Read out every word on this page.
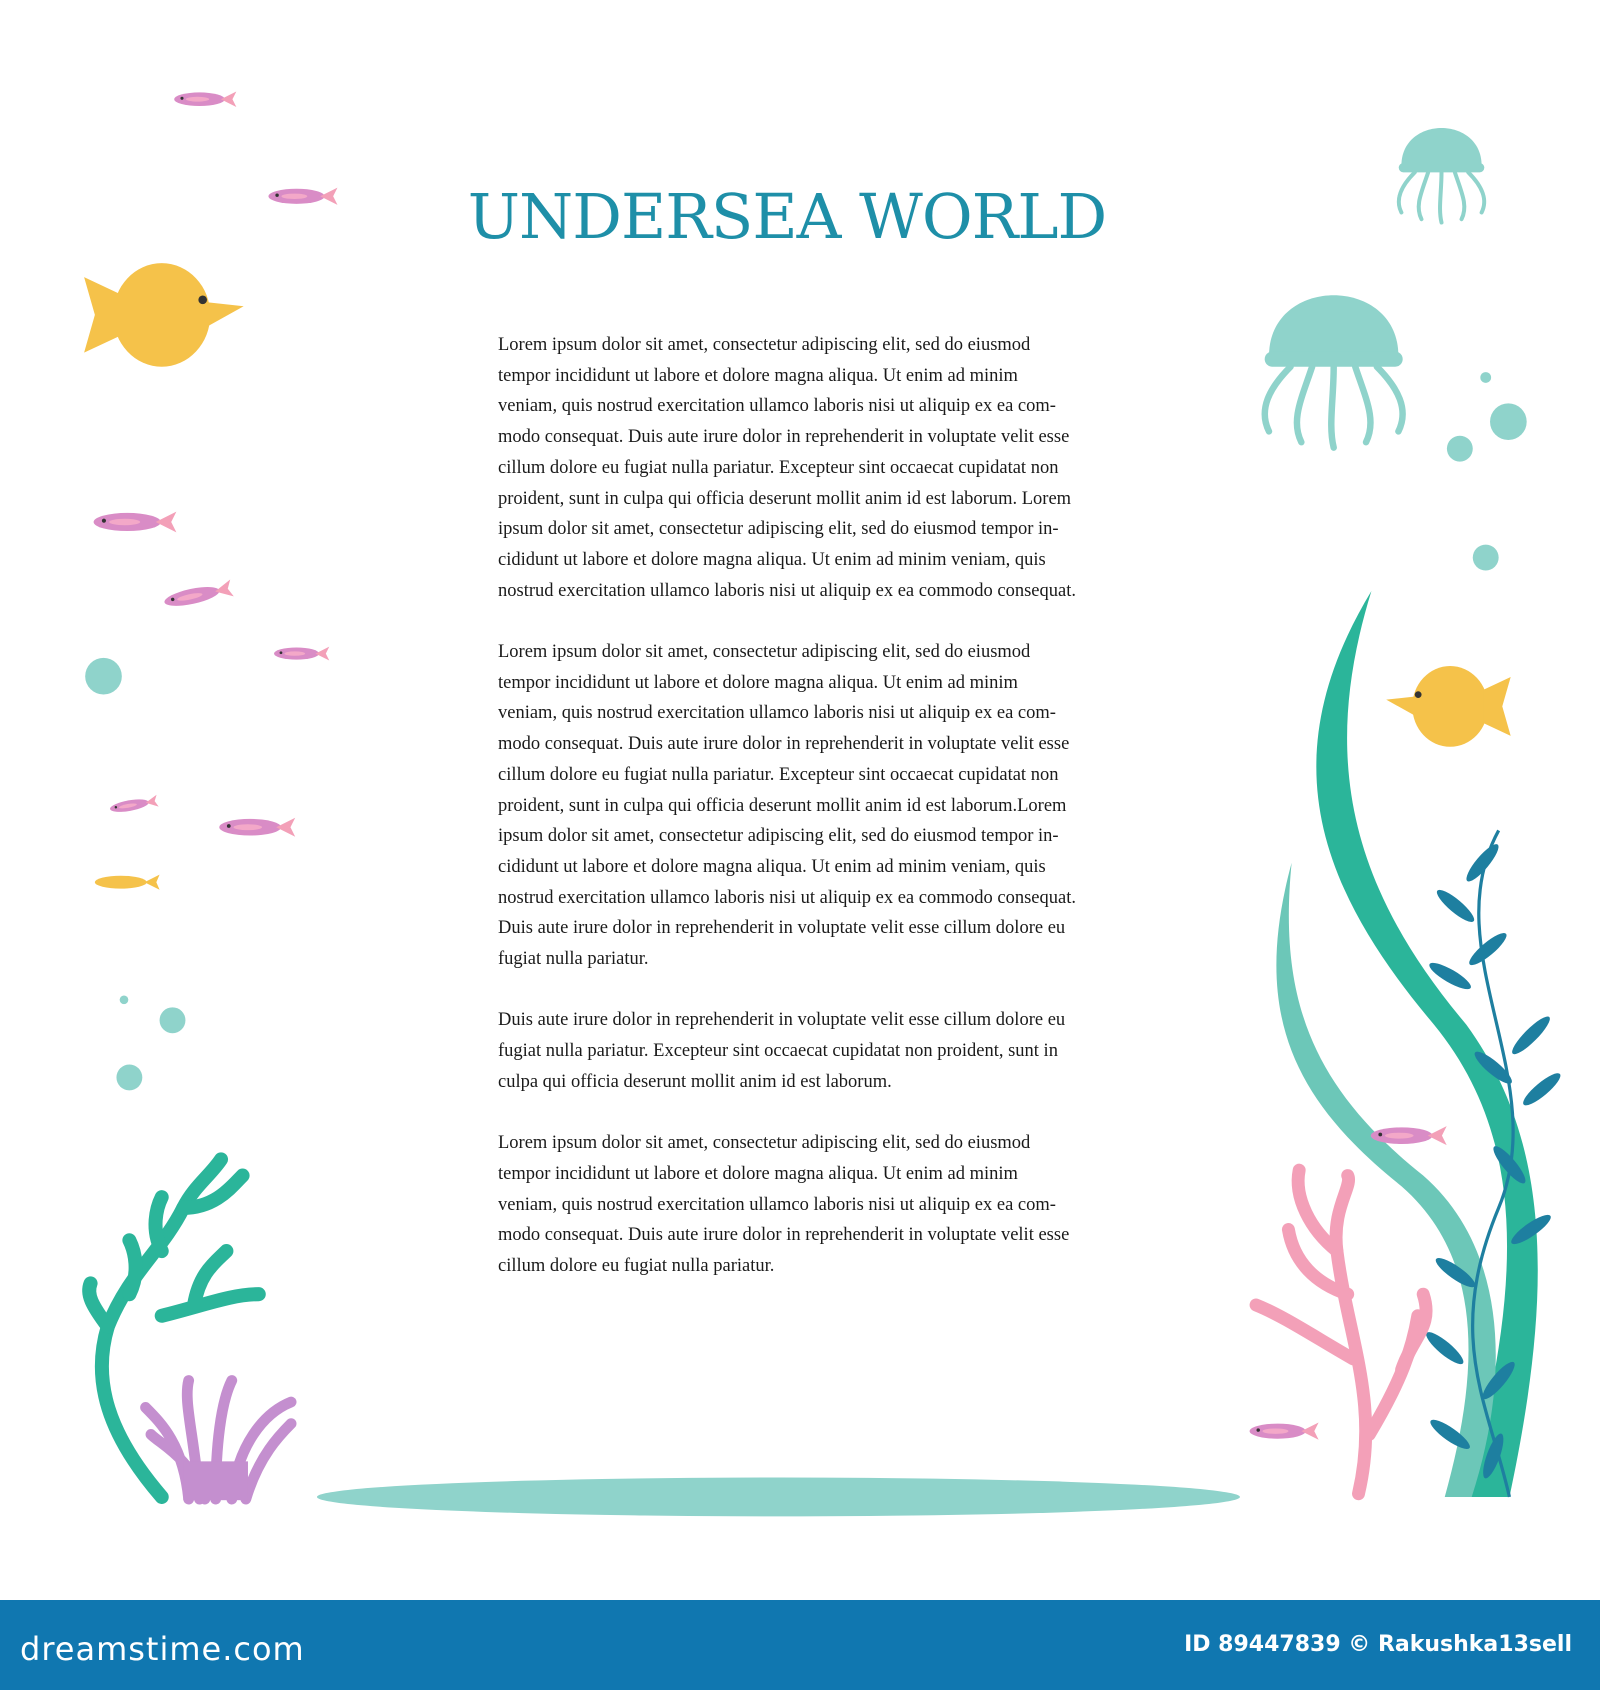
UNDERSEA WORLD

Lorem ipsum dolor sit amet, consectetur adipiscing elit, sed do eiusmod
tempor incididunt ut labore et dolore magna aliqua. Ut enim ad minim
veniam, quis nostrud exercitation ullamco laboris nisi ut aliquip ex ea com-
modo consequat. Duis aute irure dolor in reprehenderit in voluptate velit esse
cillum dolore eu fugiat nulla pariatur. Excepteur sint occaecat cupidatat non
proident, sunt in culpa qui officia deserunt mollit anim id est laborum. Lorem
ipsum dolor sit amet, consectetur adipiscing elit, sed do eiusmod tempor in-
cididunt ut labore et dolore magna aliqua. Ut enim ad minim veniam, quis
nostrud exercitation ullamco laboris nisi ut aliquip ex ea commodo consequat.

Lorem ipsum dolor sit amet, consectetur adipiscing elit, sed do eiusmod
tempor incididunt ut labore et dolore magna aliqua. Ut enim ad minim
veniam, quis nostrud exercitation ullamco laboris nisi ut aliquip ex ea com-
modo consequat. Duis aute irure dolor in reprehenderit in voluptate velit esse
cillum dolore eu fugiat nulla pariatur. Excepteur sint occaecat cupidatat non
proident, sunt in culpa qui officia deserunt mollit anim id est laborum.Lorem
ipsum dolor sit amet, consectetur adipiscing elit, sed do eiusmod tempor in-
cididunt ut labore et dolore magna aliqua. Ut enim ad minim veniam, quis
nostrud exercitation ullamco laboris nisi ut aliquip ex ea commodo consequat.
Duis aute irure dolor in reprehenderit in voluptate velit esse cillum dolore eu
fugiat nulla pariatur.

Duis aute irure dolor in reprehenderit in voluptate velit esse cillum dolore eu
fugiat nulla pariatur. Excepteur sint occaecat cupidatat non proident, sunt in
culpa qui officia deserunt mollit anim id est laborum.

Lorem ipsum dolor sit amet, consectetur adipiscing elit, sed do eiusmod
tempor incididunt ut labore et dolore magna aliqua. Ut enim ad minim
veniam, quis nostrud exercitation ullamco laboris nisi ut aliquip ex ea com-
modo consequat. Duis aute irure dolor in reprehenderit in voluptate velit esse
cillum dolore eu fugiat nulla pariatur.

dreamstime.com	ID 89447839 © Rakushka13sell
